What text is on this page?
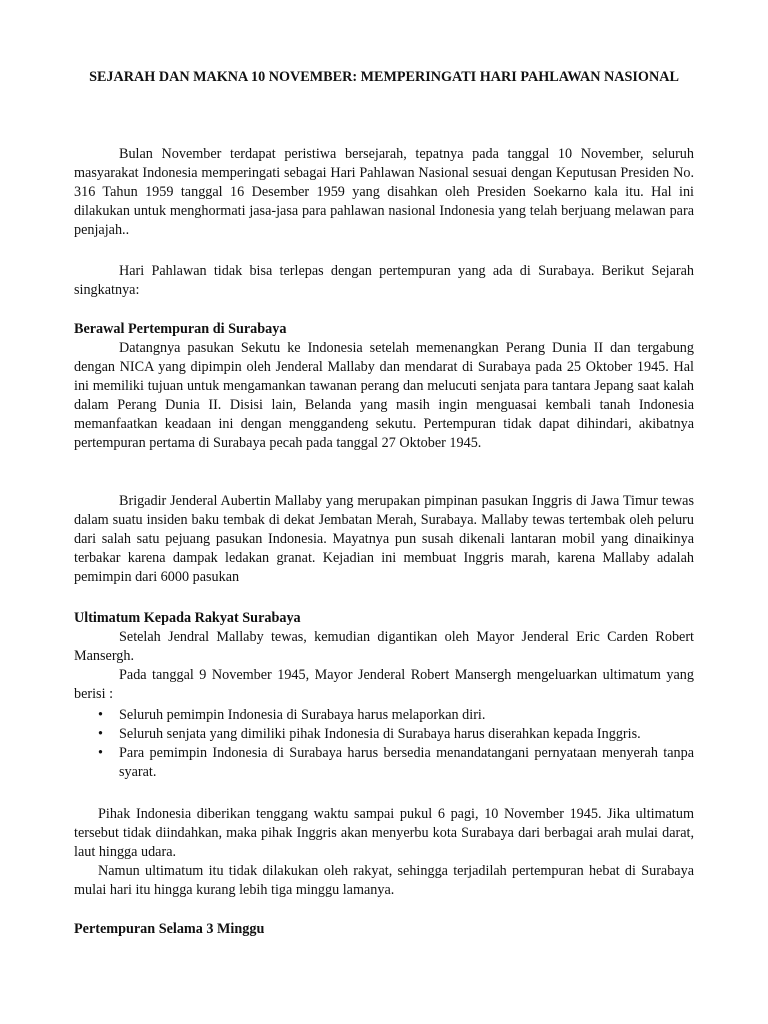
SEJARAH DAN MAKNA 10 NOVEMBER: MEMPERINGATI HARI PAHLAWAN NASIONAL

Bulan November terdapat peristiwa bersejarah, tepatnya pada tanggal 10 November, seluruh masyarakat Indonesia memperingati sebagai Hari Pahlawan Nasional sesuai dengan Keputusan Presiden No. 316 Tahun 1959 tanggal 16 Desember 1959 yang disahkan oleh Presiden Soekarno kala itu. Hal ini dilakukan untuk menghormati jasa-jasa para pahlawan nasional Indonesia yang telah berjuang melawan para penjajah..

Hari Pahlawan tidak bisa terlepas dengan pertempuran yang ada di Surabaya. Berikut Sejarah singkatnya:

Berawal Pertempuran di Surabaya

Datangnya pasukan Sekutu ke Indonesia setelah memenangkan Perang Dunia II dan tergabung dengan NICA yang dipimpin oleh Jenderal Mallaby dan mendarat di Surabaya pada 25 Oktober 1945. Hal ini memiliki tujuan untuk mengamankan tawanan perang dan melucuti senjata para tantara Jepang saat kalah dalam Perang Dunia II. Disisi lain, Belanda yang masih ingin menguasai kembali tanah Indonesia memanfaatkan keadaan ini dengan menggandeng sekutu. Pertempuran tidak dapat dihindari, akibatnya pertempuran pertama di Surabaya pecah pada tanggal 27 Oktober 1945.

Brigadir Jenderal Aubertin Mallaby yang merupakan pimpinan pasukan Inggris di Jawa Timur tewas dalam suatu insiden baku tembak di dekat Jembatan Merah, Surabaya. Mallaby tewas tertembak oleh peluru dari salah satu pejuang pasukan Indonesia. Mayatnya pun susah dikenali lantaran mobil yang dinaikinya terbakar karena dampak ledakan granat. Kejadian ini membuat Inggris marah, karena Mallaby adalah pemimpin dari 6000 pasukan

Ultimatum Kepada Rakyat Surabaya

Setelah Jendral Mallaby tewas, kemudian digantikan oleh Mayor Jenderal Eric Carden Robert Mansergh.

Pada tanggal 9 November 1945, Mayor Jenderal Robert Mansergh mengeluarkan ultimatum yang berisi :

• Seluruh pemimpin Indonesia di Surabaya harus melaporkan diri.
• Seluruh senjata yang dimiliki pihak Indonesia di Surabaya harus diserahkan kepada Inggris.
• Para pemimpin Indonesia di Surabaya harus bersedia menandatangani pernyataan menyerah tanpa syarat.

Pihak Indonesia diberikan tenggang waktu sampai pukul 6 pagi, 10 November 1945. Jika ultimatum tersebut tidak diindahkan, maka pihak Inggris akan menyerbu kota Surabaya dari berbagai arah mulai darat, laut hingga udara.

Namun ultimatum itu tidak dilakukan oleh rakyat, sehingga terjadilah pertempuran hebat di Surabaya mulai hari itu hingga kurang lebih tiga minggu lamanya.

Pertempuran Selama 3 Minggu
